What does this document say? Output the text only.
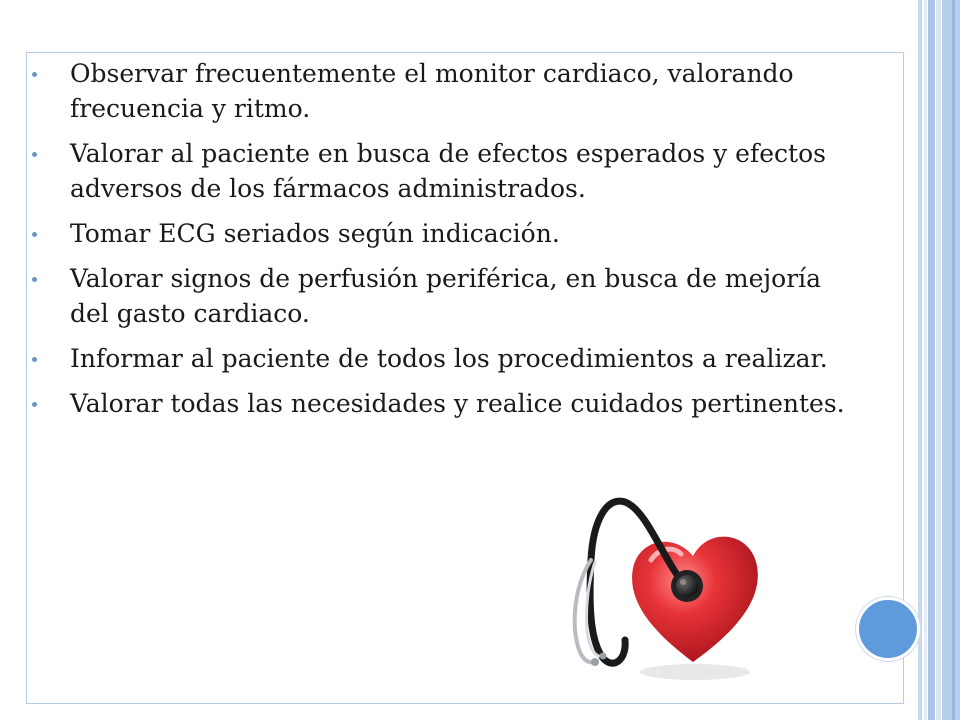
Observar frecuentemente el monitor cardiaco, valorando frecuencia y ritmo.
Valorar al paciente en busca de efectos esperados y efectos adversos de los fármacos administrados.
Tomar ECG seriados según indicación.
Valorar signos de perfusión periférica, en busca de mejoría del gasto cardiaco.
Informar al paciente de todos los procedimientos a realizar.
Valorar todas las necesidades y realice cuidados pertinentes.
